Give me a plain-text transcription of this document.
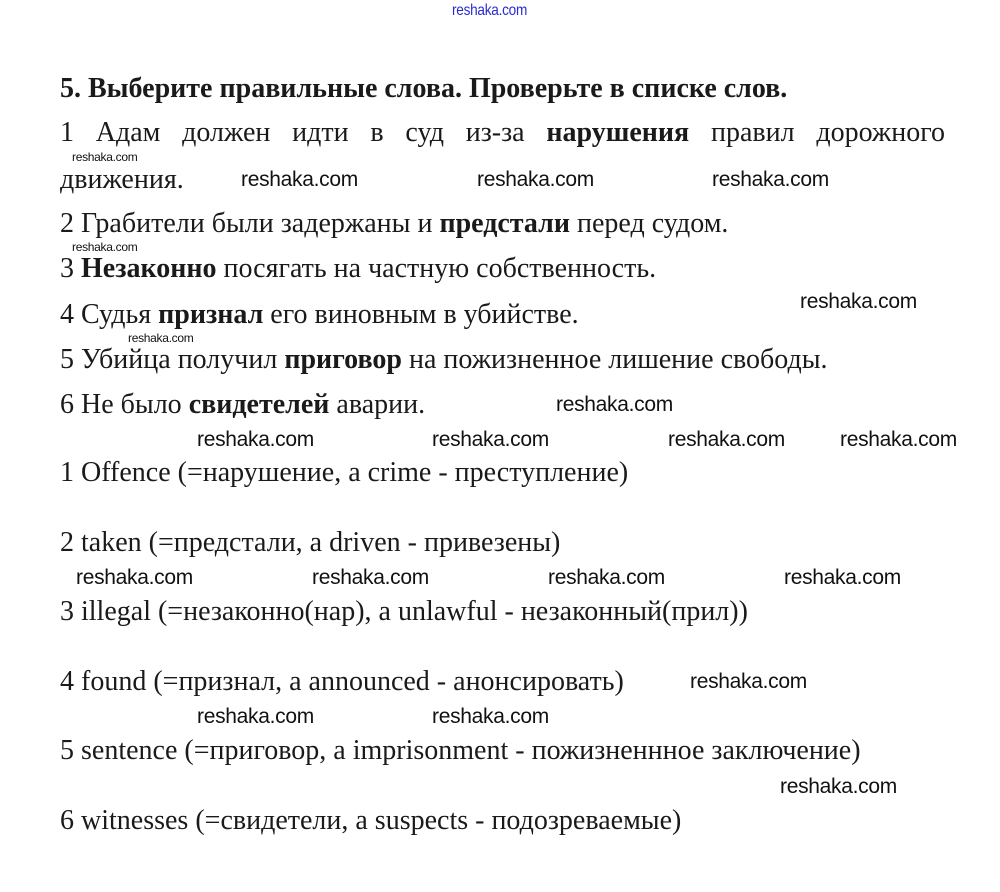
reshaka.com
5. Выберите правильные слова. Проверьте в списке слов.
1 Адам должен идти в суд из-за нарушения правил дорожного
движения.
2 Грабители были задержаны и предстали перед судом.
3 Незаконно посягать на частную собственность.
4 Судья признал его виновным в убийстве.
5 Убийца получил приговор на пожизненное лишение свободы.
6 Не было свидетелей аварии.
1 Offence (=нарушение, a crime - преступление)
2 taken (=предстали, a driven - привезены)
3 illegal (=незаконно(нар), a unlawful - незаконный(прил))
4 found (=признал, a announced - анонсировать)
5 sentence (=приговор, a imprisonment - пожизненнное заключение)
6 witnesses (=свидетели, a suspects - подозреваемые)
reshaka.com
reshaka.com
reshaka.com
reshaka.com
reshaka.com	reshaka.com
reshaka.com
reshaka.com
reshaka.com
reshaka.com	reshaka.com	reshaka.com
reshaka.com	reshaka.com	reshaka.com	reshaka.com
reshaka.com
reshaka.com	reshaka.com
reshaka.com
